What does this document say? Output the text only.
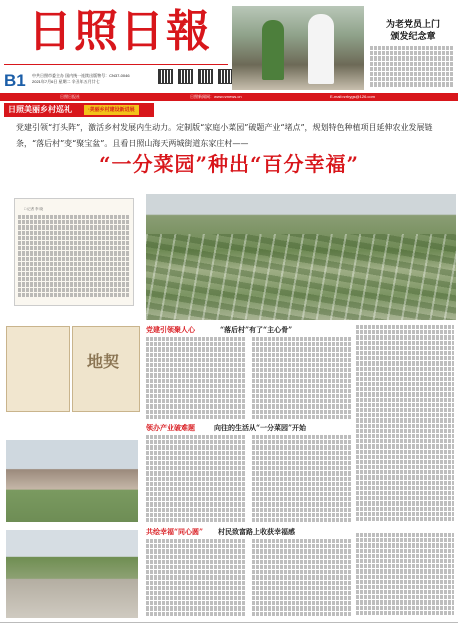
日照日報
B1 中共日照市委主办 国内统一连续出版物号：CN37-0046
2021年7月6日 星期二 辛丑年五月廿七
为老党员上门
颁发纪念章
日照日报社	日照新闻网：www.rznews.cn	E-mail:rzrbygs@126.com
日照美丽乡村巡礼	·美丽乡村建设新进展
党建引领“打头阵”，激活乡村发展内生动力。定制版“家庭小菜园”破题产业“堵点”，规划特色种植项目延伸农业发展链条，“落后村”变“聚宝盆”。且看日照山海天两城街道东家庄村——
“一分菜园”种出“百分幸福”
□ 记者 李 晓
地契
党建引领聚人心	“落后村”有了“主心骨”
领办产业破难题	向往的生活从“一分菜园”开始
共绘幸福“同心圆” 村民致富路上收获幸福感
